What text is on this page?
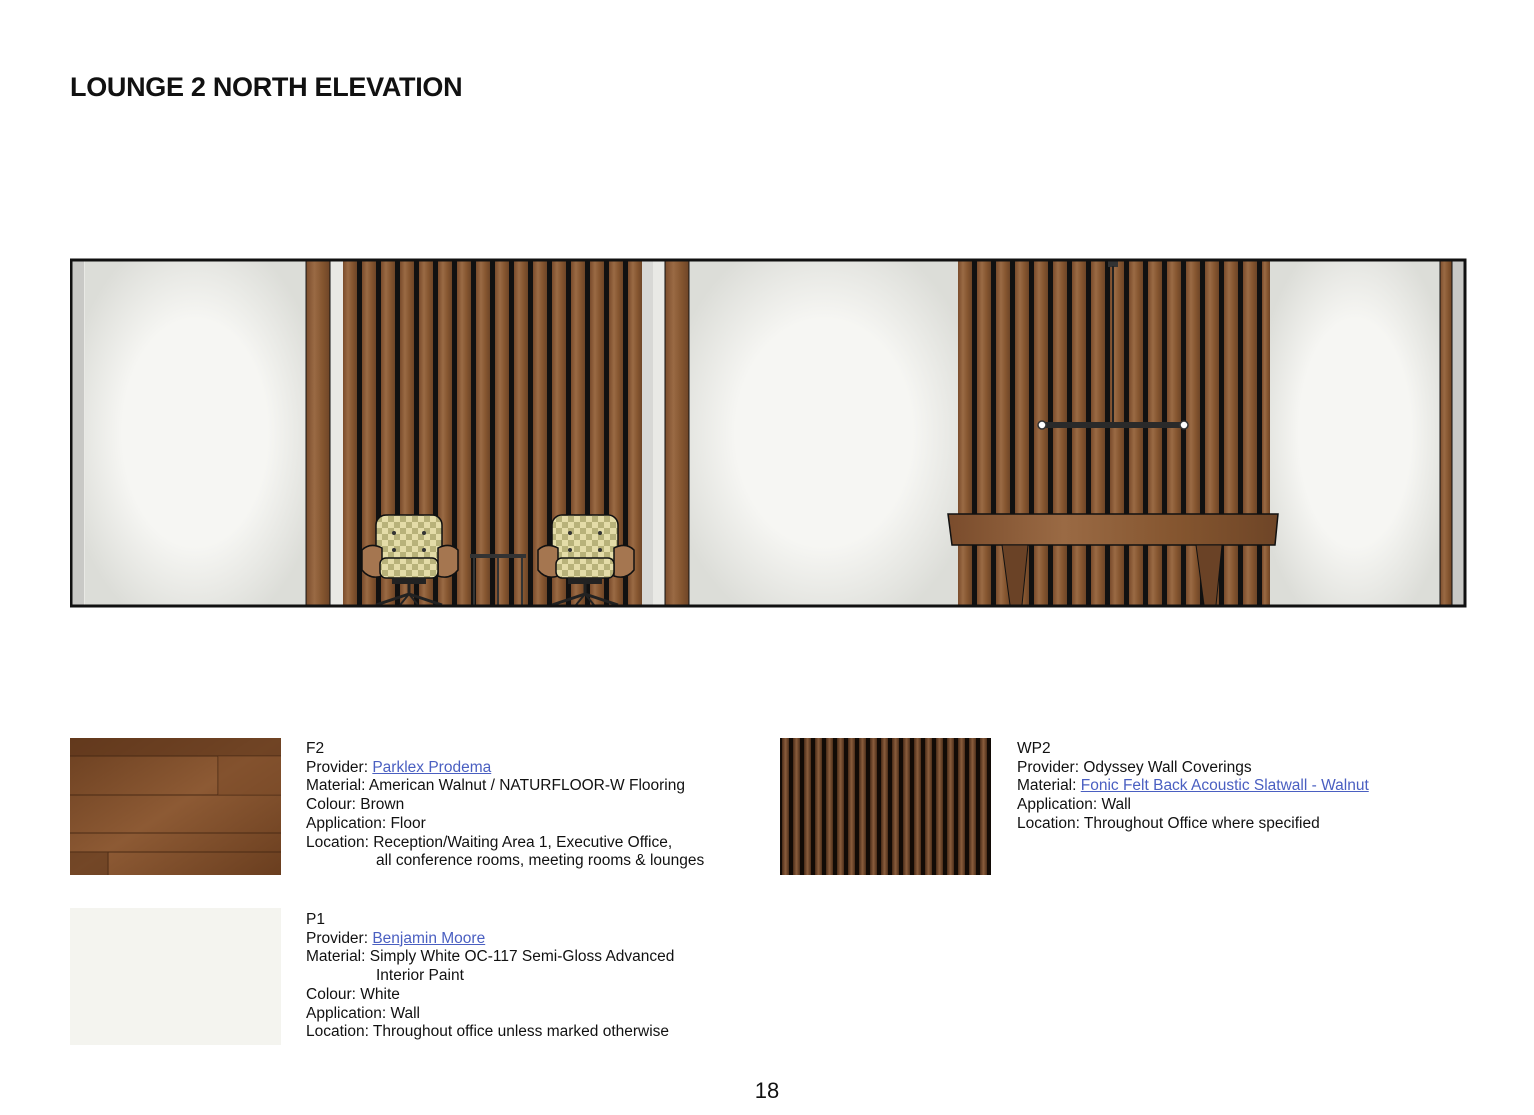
LOUNGE 2 NORTH ELEVATION
F2
Provider: Parklex Prodema
Material: American Walnut / NATURFLOOR-W Flooring
Colour: Brown
Application: Floor
Location: Reception/Waiting Area 1, Executive Office,
all conference rooms, meeting rooms & lounges
WP2
Provider: Odyssey Wall Coverings
Material: Fonic Felt Back Acoustic Slatwall - Walnut
Application: Wall
Location: Throughout Office where specified
P1
Provider: Benjamin Moore
Material: Simply White OC-117 Semi-Gloss Advanced
Interior Paint
Colour: White
Application: Wall
Location: Throughout office unless marked otherwise
18
